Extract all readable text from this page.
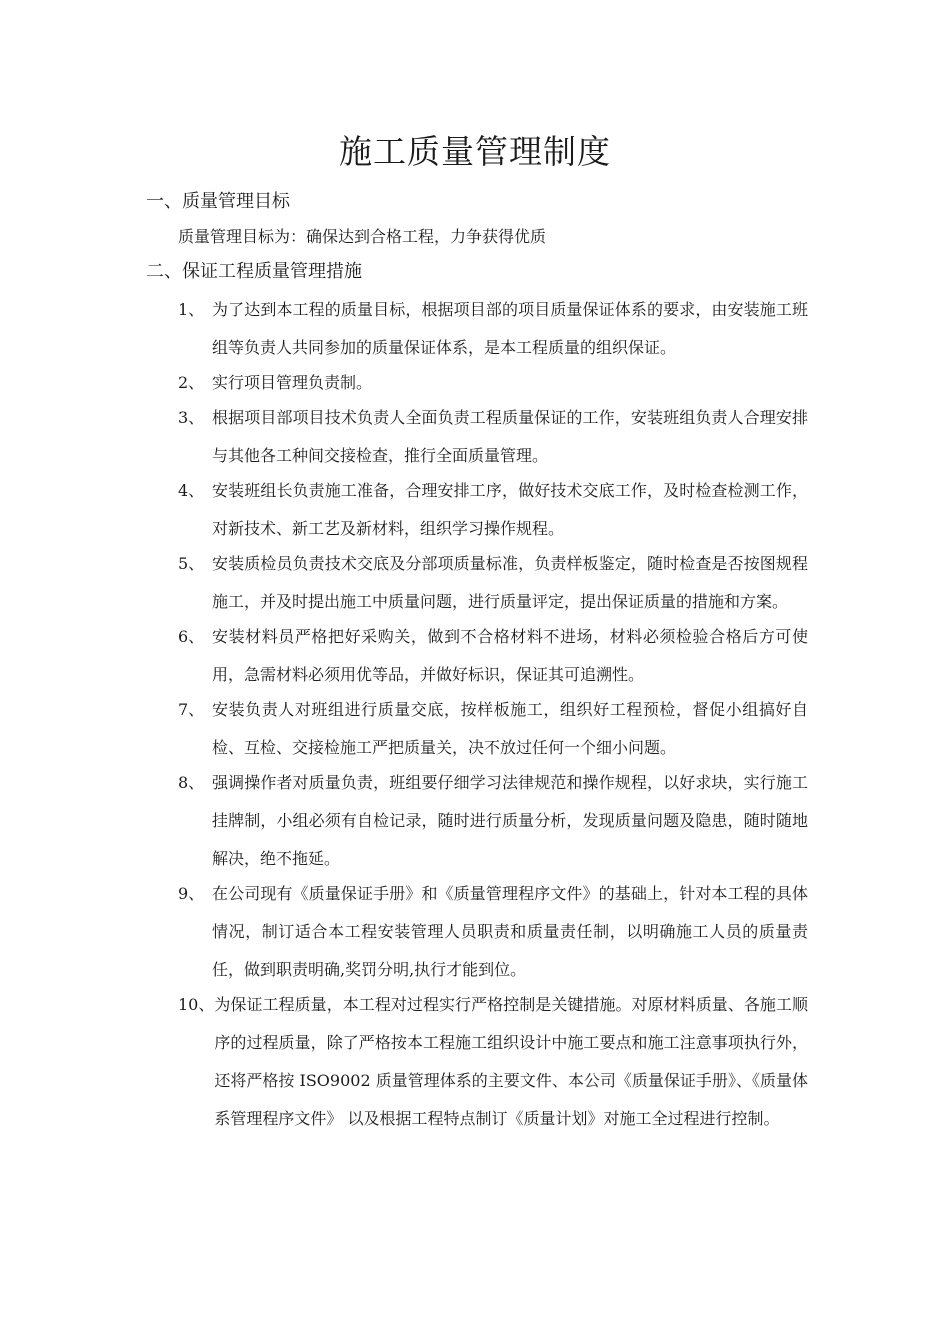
施工质量管理制度
一、质量管理目标
质量管理目标为：确保达到合格工程，力争获得优质
二、保证工程质量管理措施
1、 为了达到本工程的质量目标，根据项目部的项目质量保证体系的要求，由安装施工班组等负责人共同参加的质量保证体系，是本工程质量的组织保证。
2、 实行项目管理负责制。
3、 根据项目部项目技术负责人全面负责工程质量保证的工作，安装班组负责人合理安排与其他各工种间交接检查，推行全面质量管理。
4、 安装班组长负责施工准备，合理安排工序，做好技术交底工作，及时检查检测工作，对新技术、新工艺及新材料，组织学习操作规程。
5、 安装质检员负责技术交底及分部项质量标准，负责样板鉴定，随时检查是否按图规程施工，并及时提出施工中质量问题，进行质量评定，提出保证质量的措施和方案。
6、 安装材料员严格把好采购关，做到不合格材料不进场，材料必须检验合格后方可使用，急需材料必须用优等品，并做好标识，保证其可追溯性。
7、 安装负责人对班组进行质量交底，按样板施工，组织好工程预检，督促小组搞好自检、互检、交接检施工严把质量关，决不放过任何一个细小问题。
8、 强调操作者对质量负责，班组要仔细学习法律规范和操作规程，以好求块，实行施工挂牌制，小组必须有自检记录，随时进行质量分析，发现质量问题及隐患，随时随地解决，绝不拖延。
9、 在公司现有《质量保证手册》和《质量管理程序文件》的基础上，针对本工程的具体情况，制订适合本工程安装管理人员职责和质量责任制，以明确施工人员的质量责任，做到职责明确,奖罚分明,执行才能到位。
10、 为保证工程质量，本工程对过程实行严格控制是关键措施。对原材料质量、各施工顺序的过程质量，除了严格按本工程施工组织设计中施工要点和施工注意事项执行外，还将严格按 ISO9002 质量管理体系的主要文件、本公司《质量保证手册》、《质量体系管理程序文件》 以及根据工程特点制订《质量计划》对施工全过程进行控制。
